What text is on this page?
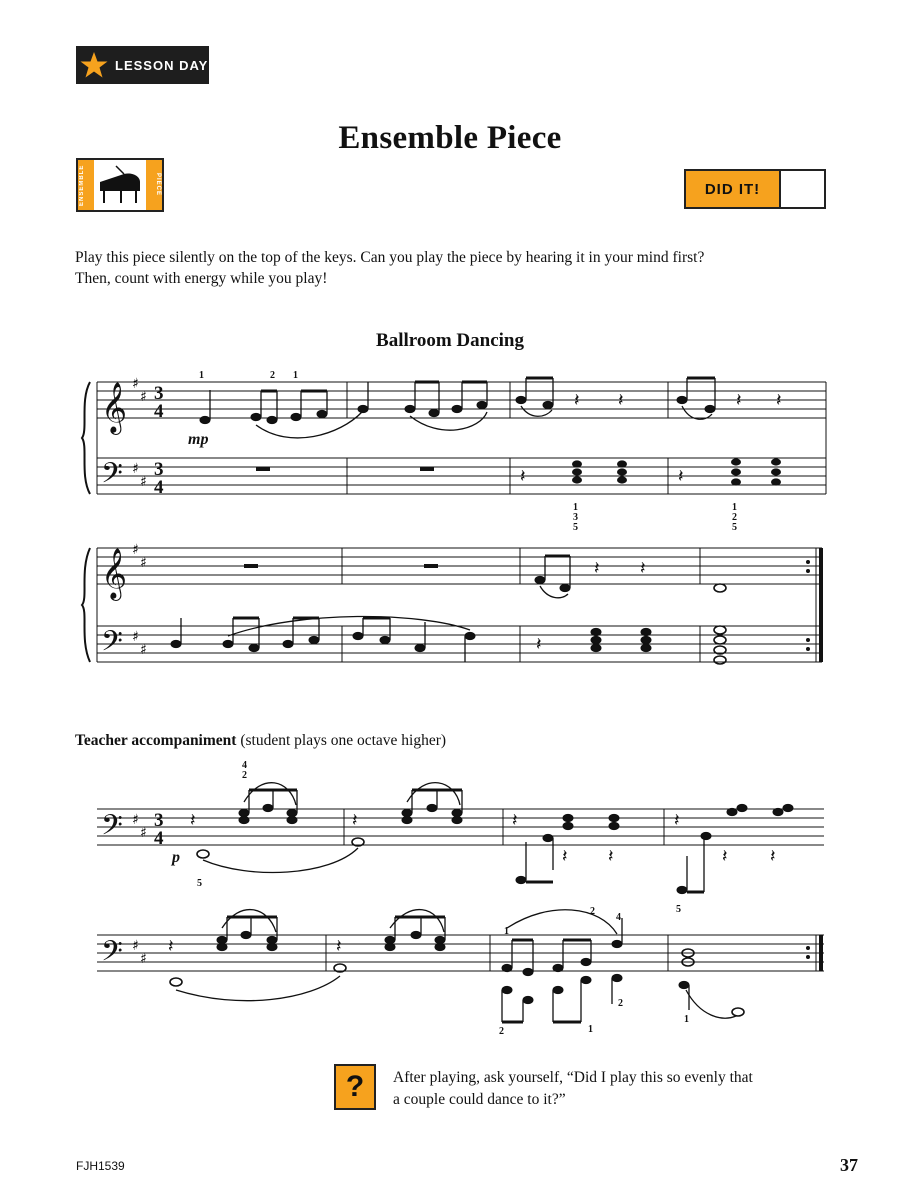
LESSON DAY
Ensemble Piece
ENSEMBLE	PIECE	DID IT!
Play this piece silently on the top of the keys. Can you play the piece by hearing it in your mind first?
Then, count with energy while you play!
Ballroom Dancing
𝄞
𝄢
♯
♯
♯
♯
3
4
3
4
1	2 1
mp
𝄽 𝄽	𝄽 𝄽
𝄽	𝄽
1
3
5
1
2
5
𝄞
𝄢
♯
♯
♯
♯
𝄽 𝄽
𝄽
𝄢 ♯
♯
3
4
𝄽	𝄽	𝄽	𝄽
𝄽 𝄽	𝄽 𝄽
4
2
5
5
p
𝄢 ♯
♯
𝄽	𝄽
1
2
4
2	1
2
1
Teacher accompaniment (student plays one octave higher)
?	After playing, ask yourself, “Did I play this so evenly that
a couple could dance to it?”
FJH1539	37
